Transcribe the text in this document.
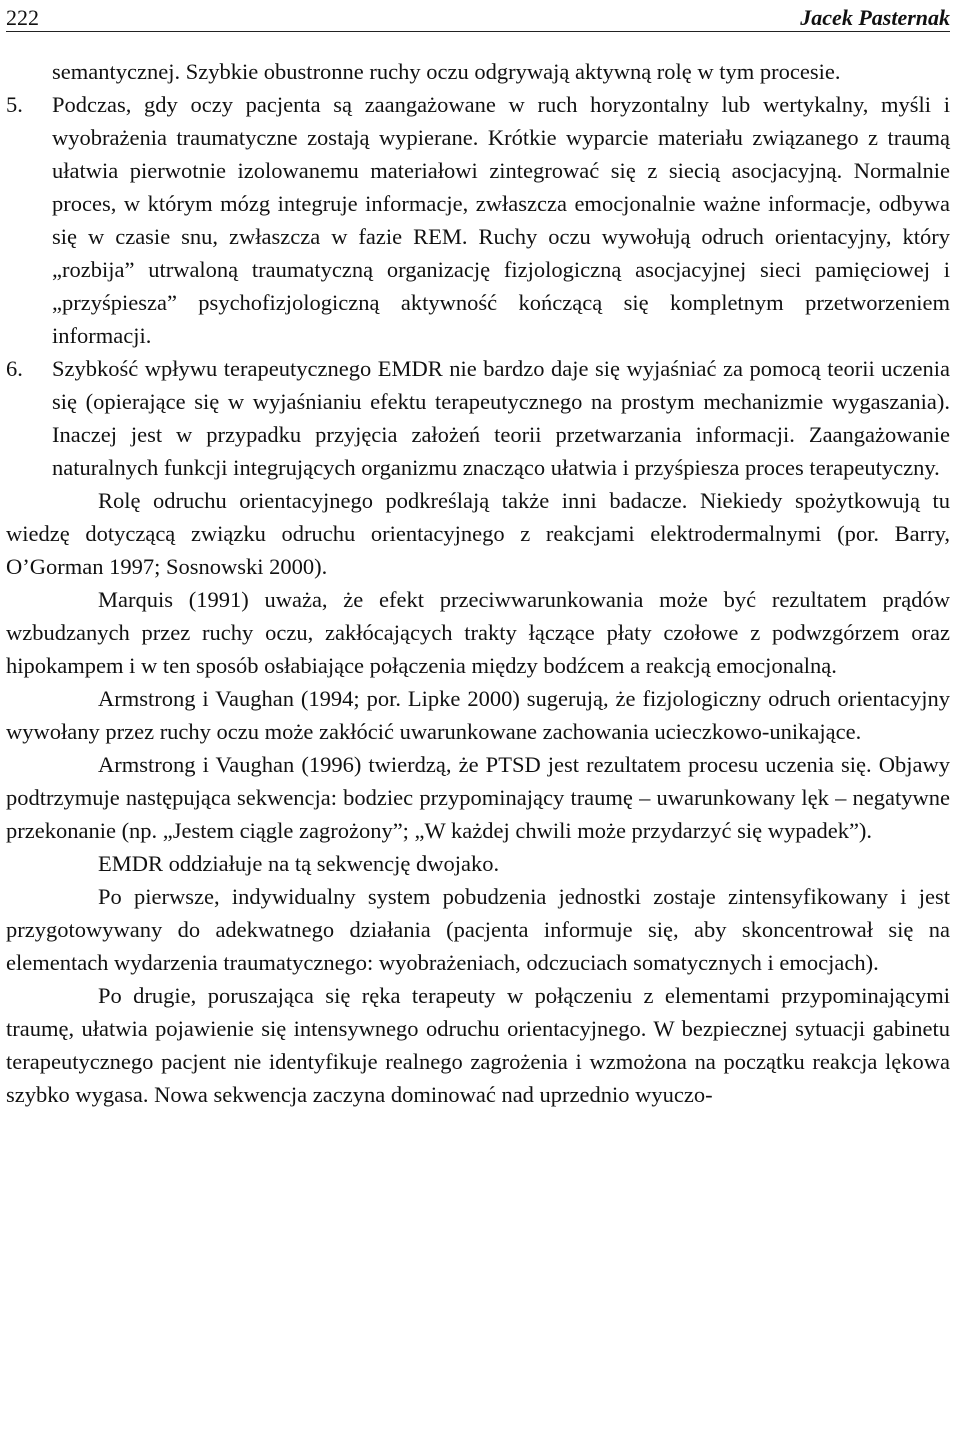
222	Jacek Pasternak

semantycznej. Szybkie obustronne ruchy oczu odgrywają aktywną rolę w tym procesie.

5.	Podczas, gdy oczy pacjenta są zaangażowane w ruch horyzontalny lub wertykalny, myśli i wyobrażenia traumatyczne zostają wypierane. Krótkie wyparcie materiału związanego z traumą ułatwia pierwotnie izolowanemu materiałowi zintegrować się z siecią asocjacyjną. Normalnie proces, w którym mózg integruje informacje, zwłaszcza emocjonalnie ważne informacje, odbywa się w czasie snu, zwłaszcza w fazie REM. Ruchy oczu wywołują odruch orientacyjny, który „rozbija” utrwaloną traumatyczną organizację fizjologiczną asocjacyjnej sieci pamięciowej i „przyśpiesza” psychofizjologiczną aktywność kończącą się kompletnym przetworzeniem informacji.
6.	Szybkość wpływu terapeutycznego EMDR nie bardzo daje się wyjaśniać za pomocą teorii uczenia się (opierające się w wyjaśnianiu efektu terapeutycznego na prostym mechanizmie wygaszania). Inaczej jest w przypadku przyjęcia założeń teorii przetwarzania informacji. Zaangażowanie naturalnych funkcji integrujących organizmu znacząco ułatwia i przyśpiesza proces terapeutyczny.

Rolę odruchu orientacyjnego podkreślają także inni badacze. Niekiedy spożytkowują tu wiedzę dotyczącą związku odruchu orientacyjnego z reakcjami elektrodermalnymi (por. Barry, O’Gorman 1997; Sosnowski 2000).

Marquis (1991) uważa, że efekt przeciwwarunkowania może być rezultatem prądów wzbudzanych przez ruchy oczu, zakłócających trakty łączące płaty czołowe z podwzgórzem oraz hipokampem i w ten sposób osłabiające połączenia między bodźcem a reakcją emocjonalną.

Armstrong i Vaughan (1994; por. Lipke 2000) sugerują, że fizjologiczny odruch orientacyjny wywołany przez ruchy oczu może zakłócić uwarunkowane zachowania ucieczkowo-unikające.

Armstrong i Vaughan (1996) twierdzą, że PTSD jest rezultatem procesu uczenia się. Objawy podtrzymuje następująca sekwencja: bodziec przypominający traumę – uwarunkowany lęk – negatywne przekonanie (np. „Jestem ciągle zagrożony”; „W każdej chwili może przydarzyć się wypadek”).

EMDR oddziałuje na tą sekwencję dwojako.

Po pierwsze, indywidualny system pobudzenia jednostki zostaje zintensyfikowany i jest przygotowywany do adekwatnego działania (pacjenta informuje się, aby skoncentrował się na elementach wydarzenia traumatycznego: wyobrażeniach, odczuciach somatycznych i emocjach).

Po drugie, poruszająca się ręka terapeuty w połączeniu z elementami przypominającymi traumę, ułatwia pojawienie się intensywnego odruchu orientacyjnego. W bezpiecznej sytuacji gabinetu terapeutycznego pacjent nie identyfikuje realnego zagrożenia i wzmożona na początku reakcja lękowa szybko wygasa. Nowa sekwencja zaczyna dominować nad uprzednio wyuczo-
